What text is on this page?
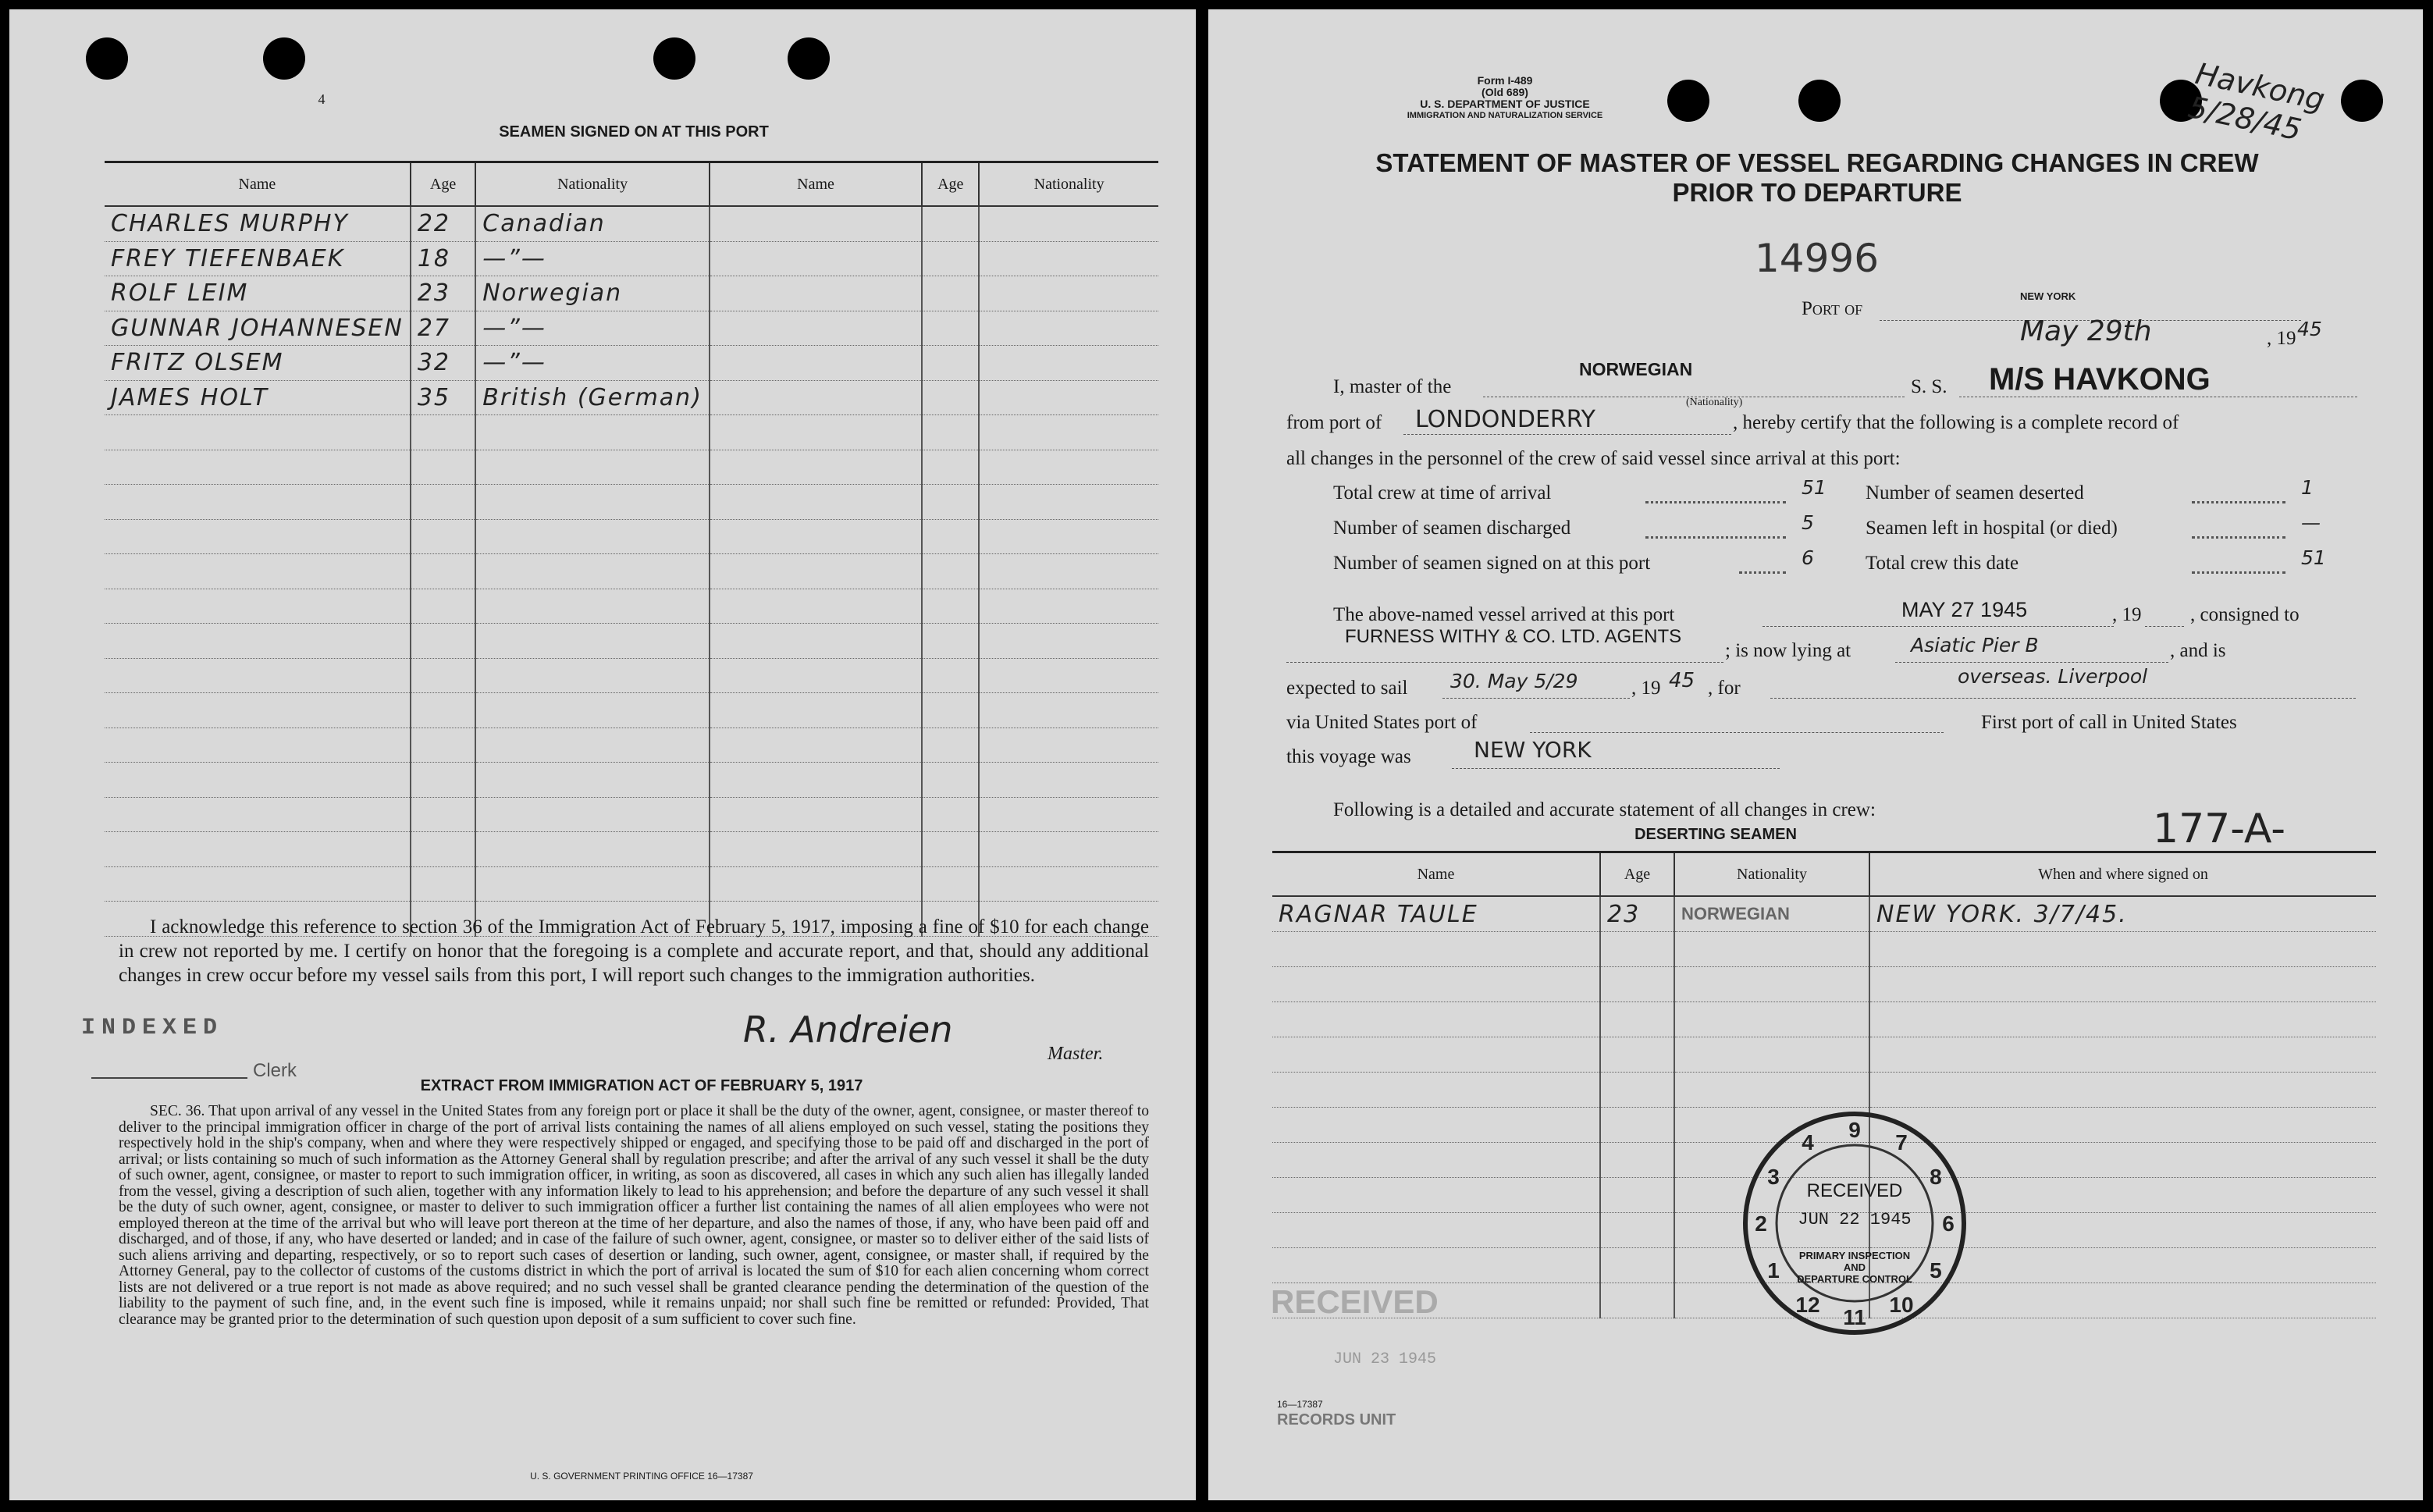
4
SEAMEN SIGNED ON AT THIS PORT
Name	Age	Nationality	Name	Age	Nationality
CHARLES MURPHY	22	Canadian			
FREY TIEFENBAEK	18	—”—			
ROLF LEIM	23	Norwegian			
GUNNAR JOHANNESEN	27	—”—			
FRITZ OLSEM	32	—”—			
JAMES HOLT	35	British (German)			

I acknowledge this reference to section 36 of the Immigration Act of February 5, 1917, imposing a fine of $10 for each change in crew not reported by me. I certify on honor that the foregoing is a complete and accurate report, and that, should any additional changes in crew occur before my vessel sails from this port, I will report such changes to the immigration authorities.
R. Andreien
Master.
INDEXED
Clerk
EXTRACT FROM IMMIGRATION ACT OF FEBRUARY 5, 1917
SEC. 36. That upon arrival of any vessel in the United States from any foreign port or place it shall be the duty of the owner, agent, consignee, or master thereof to deliver to the principal immigration officer in charge of the port of arrival lists containing the names of all aliens employed on such vessel, stating the positions they respectively hold in the ship's company, when and where they were respectively shipped or engaged, and specifying those to be paid off and discharged in the port of arrival; or lists containing so much of such information as the Attorney General shall by regulation prescribe; and after the arrival of any such vessel it shall be the duty of such owner, agent, consignee, or master to report to such immigration officer, in writing, as soon as discovered, all cases in which any such alien has illegally landed from the vessel, giving a description of such alien, together with any information likely to lead to his apprehension; and before the departure of any such vessel it shall be the duty of such owner, agent, consignee, or master to deliver to such immigration officer a further list containing the names of all alien employees who were not employed thereon at the time of the arrival but who will leave port thereon at the time of her departure, and also the names of those, if any, who have been paid off and discharged, and of those, if any, who have deserted or landed; and in case of the failure of such owner, agent, consignee, or master so to deliver either of the said lists of such aliens arriving and departing, respectively, or so to report such cases of desertion or landing, such owner, agent, consignee, or master shall, if required by the Attorney General, pay to the collector of customs of the customs district in which the port of arrival is located the sum of $10 for each alien concerning whom correct lists are not delivered or a true report is not made as above required; and no such vessel shall be granted clearance pending the determination of the question of the liability to the payment of such fine, and, in the event such fine is imposed, while it remains unpaid; nor shall such fine be remitted or refunded: Provided, That clearance may be granted prior to the determination of such question upon deposit of a sum sufficient to cover such fine.
U. S. GOVERNMENT PRINTING OFFICE 16—17387
Form I-489
(Old 689)
U. S. DEPARTMENT OF JUSTICE
IMMIGRATION AND NATURALIZATION SERVICE	Havkong 5/28/45
STATEMENT OF MASTER OF VESSEL REGARDING CHANGES IN CREW
PRIOR TO DEPARTURE
14996
Port of
NEW YORK
May 29th	, 19 45
I, master of the
NORWEGIAN
(Nationality)
S. S. M/S HAVKONG
from port of LONDONDERRY	, hereby certify that the following is a complete record of
all changes in the personnel of the crew of said vessel since arrival at this port:
Total crew at time of arrival	51
Number of seamen discharged	5
Number of seamen signed on at this port	6
Number of seamen deserted	1
Seamen left in hospital (or died)	—
Total crew this date	51
The above-named vessel arrived at this port	MAY 27 1945	, 19	, consigned to
FURNESS WITHY & CO. LTD. AGENTS
; is now lying at	Asiatic Pier B	, and is
expected to sail 30. May 5/29	, 19 45 , for
overseas. Liverpool
via United States port of	First port of call in United States
this voyage was	NEW YORK
Following is a detailed and accurate statement of all changes in crew:	177-A-
DESERTING SEAMEN
Name	Age	Nationality	When and where signed on
RAGNAR TAULE	23	NORWEGIAN	NEW YORK. 3/7/45.

9
7
8
6
5
10
11
12
1
2
3
4
RECEIVED
JUN 22 1945
PRIMARY INSPECTION
AND
DEPARTURE CONTROL
RECEIVED
JUN 23 1945
16—17387
RECORDS UNIT
